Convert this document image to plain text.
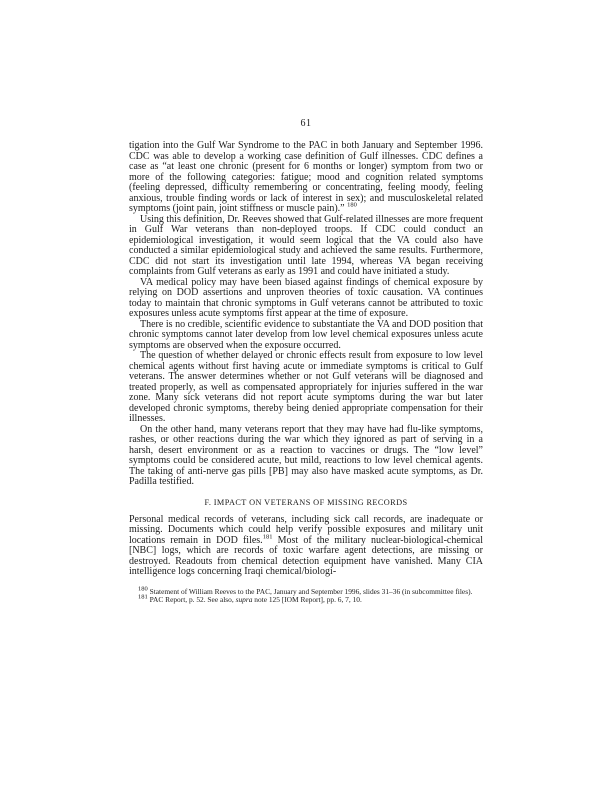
61

tigation into the Gulf War Syndrome to the PAC in both January and September 1996. CDC was able to develop a working case definition of Gulf illnesses. CDC defines a case as “at least one chronic (present for 6 months or longer) symptom from two or more of the following categories: fatigue; mood and cognition related symptoms (feeling depressed, difficulty remembering or concentrating, feeling moody, feeling anxious, trouble finding words or lack of interest in sex); and musculoskeletal related symptoms (joint pain, joint stiffness or muscle pain).” $^{180}$

Using this definition, Dr. Reeves showed that Gulf-related illnesses are more frequent in Gulf War veterans than non-deployed troops. If CDC could conduct an epidemiological investigation, it would seem logical that the VA could also have conducted a similar epidemiological study and achieved the same results. Furthermore, CDC did not start its investigation until late 1994, whereas VA began receiving complaints from Gulf veterans as early as 1991 and could have initiated a study.

VA medical policy may have been biased against findings of chemical exposure by relying on DOD assertions and unproven theories of toxic causation. VA continues today to maintain that chronic symptoms in Gulf veterans cannot be attributed to toxic exposures unless acute symptoms first appear at the time of exposure.

There is no credible, scientific evidence to substantiate the VA and DOD position that chronic symptoms cannot later develop from low level chemical exposures unless acute symptoms are observed when the exposure occurred.

The question of whether delayed or chronic effects result from exposure to low level chemical agents without first having acute or immediate symptoms is critical to Gulf veterans. The answer determines whether or not Gulf veterans will be diagnosed and treated properly, as well as compensated appropriately for injuries suffered in the war zone. Many sick veterans did not report acute symptoms during the war but later developed chronic symptoms, thereby being denied appropriate compensation for their illnesses.

On the other hand, many veterans report that they may have had flu-like symptoms, rashes, or other reactions during the war which they ignored as part of serving in a harsh, desert environment or as a reaction to vaccines or drugs. The “low level” symptoms could be considered acute, but mild, reactions to low level chemical agents. The taking of anti-nerve gas pills [PB] may also have masked acute symptoms, as Dr. Padilla testified.

F. IMPACT ON VETERANS OF MISSING RECORDS

Personal medical records of veterans, including sick call records, are inadequate or missing. Documents which could help verify possible exposures and military unit locations remain in DOD files.$^{181}$ Most of the military nuclear-biological-chemical [NBC] logs, which are records of toxic warfare agent detections, are missing or destroyed. Readouts from chemical detection equipment have vanished. Many CIA intelligence logs concerning Iraqi chemical/biologi-

$^{180}$ Statement of William Reeves to the PAC, January and September 1996, slides 31–36 (in subcommittee files).

$^{181}$ PAC Report, p. 52. See also, supra note 125 [IOM Report], pp. 6, 7, 10.
